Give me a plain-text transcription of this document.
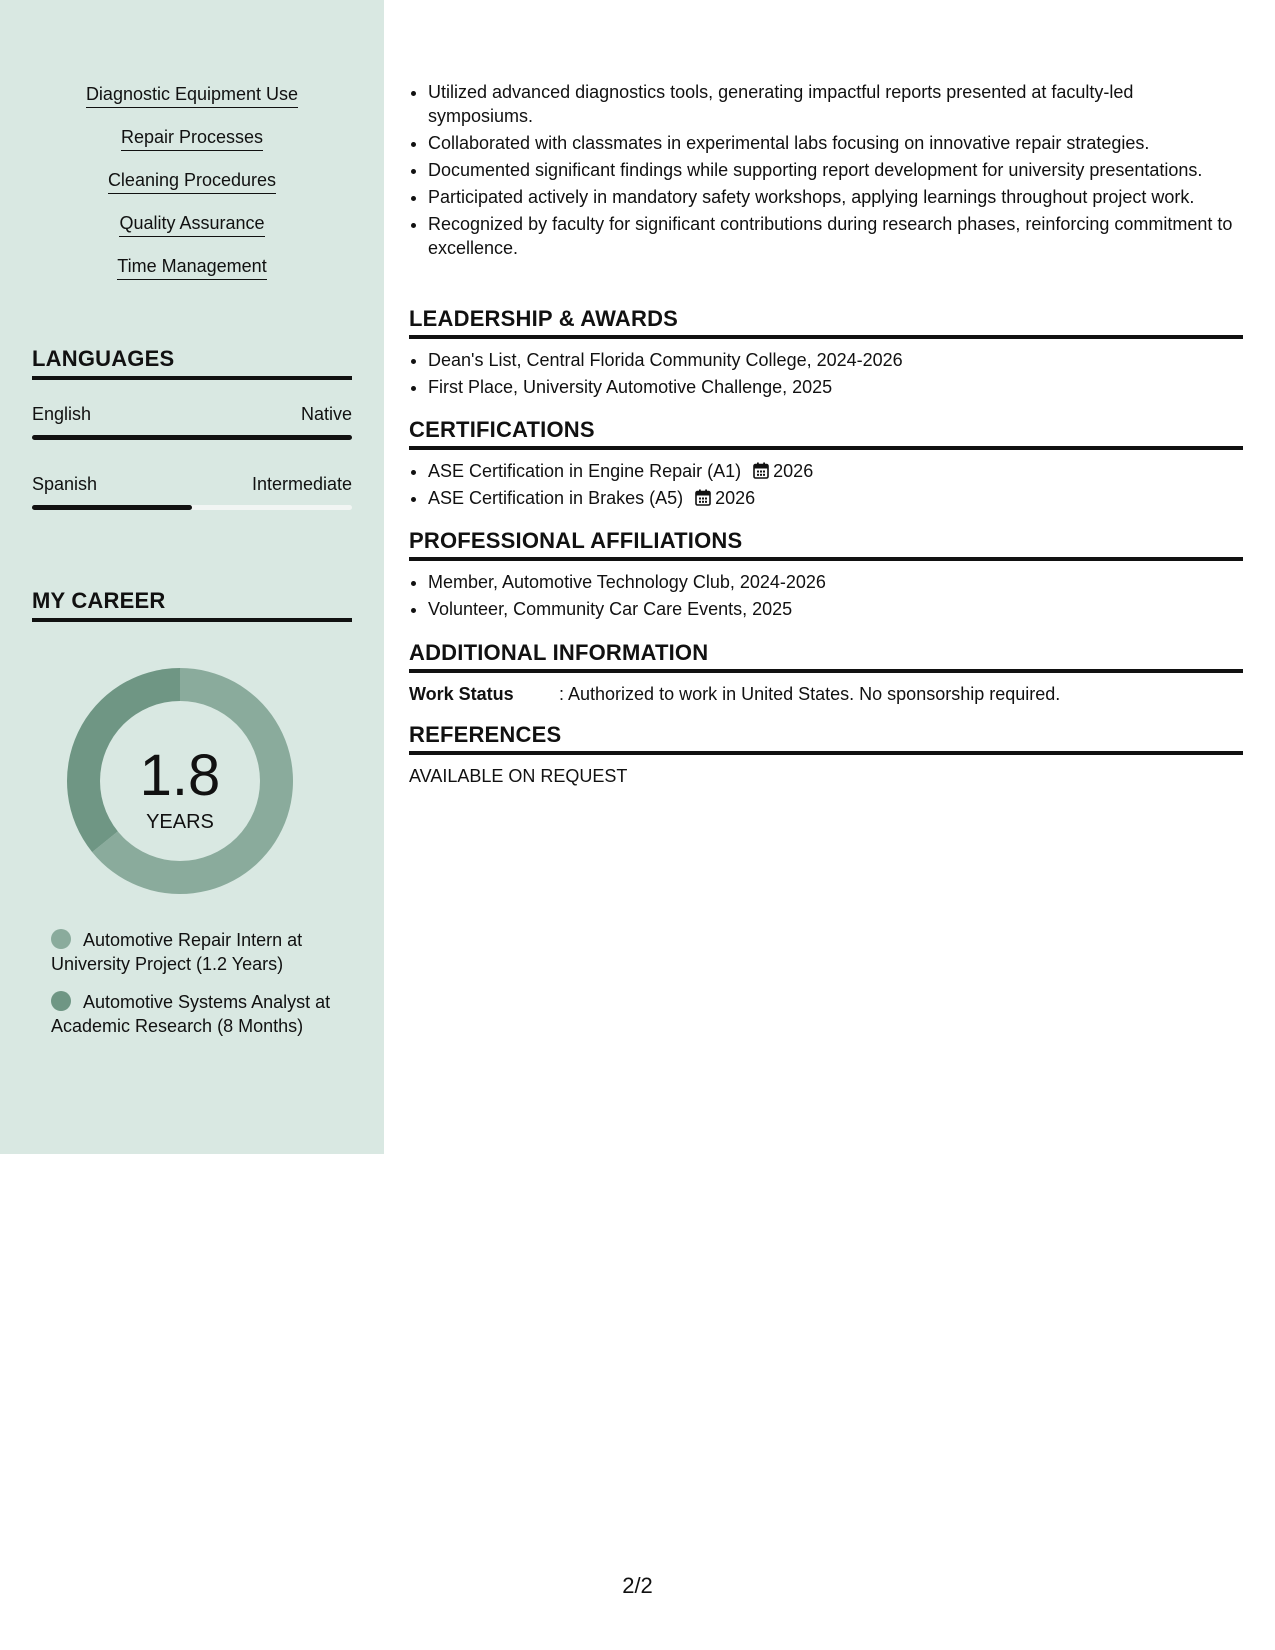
Diagnostic Equipment Use
Repair Processes
Cleaning Procedures
Quality Assurance
Time Management
LANGUAGES
English	Native
Spanish	Intermediate
MY CAREER
1.8
YEARS
Automotive Repair Intern at University Project (1.2 Years)
Automotive Systems Analyst at Academic Research (8 Months)
• Utilized advanced diagnostics tools, generating impactful reports presented at faculty-led symposiums.
• Collaborated with classmates in experimental labs focusing on innovative repair strategies.
• Documented significant findings while supporting report development for university presentations.
• Participated actively in mandatory safety workshops, applying learnings throughout project work.
• Recognized by faculty for significant contributions during research phases, reinforcing commitment to excellence.
LEADERSHIP & AWARDS
• Dean's List, Central Florida Community College, 2024-2026
• First Place, University Automotive Challenge, 2025
CERTIFICATIONS
• ASE Certification in Engine Repair (A1) 2026
• ASE Certification in Brakes (A5) 2026
PROFESSIONAL AFFILIATIONS
• Member, Automotive Technology Club, 2024-2026
• Volunteer, Community Car Care Events, 2025
ADDITIONAL INFORMATION
Work Status	: Authorized to work in United States. No sponsorship required.
REFERENCES
AVAILABLE ON REQUEST
2/2
